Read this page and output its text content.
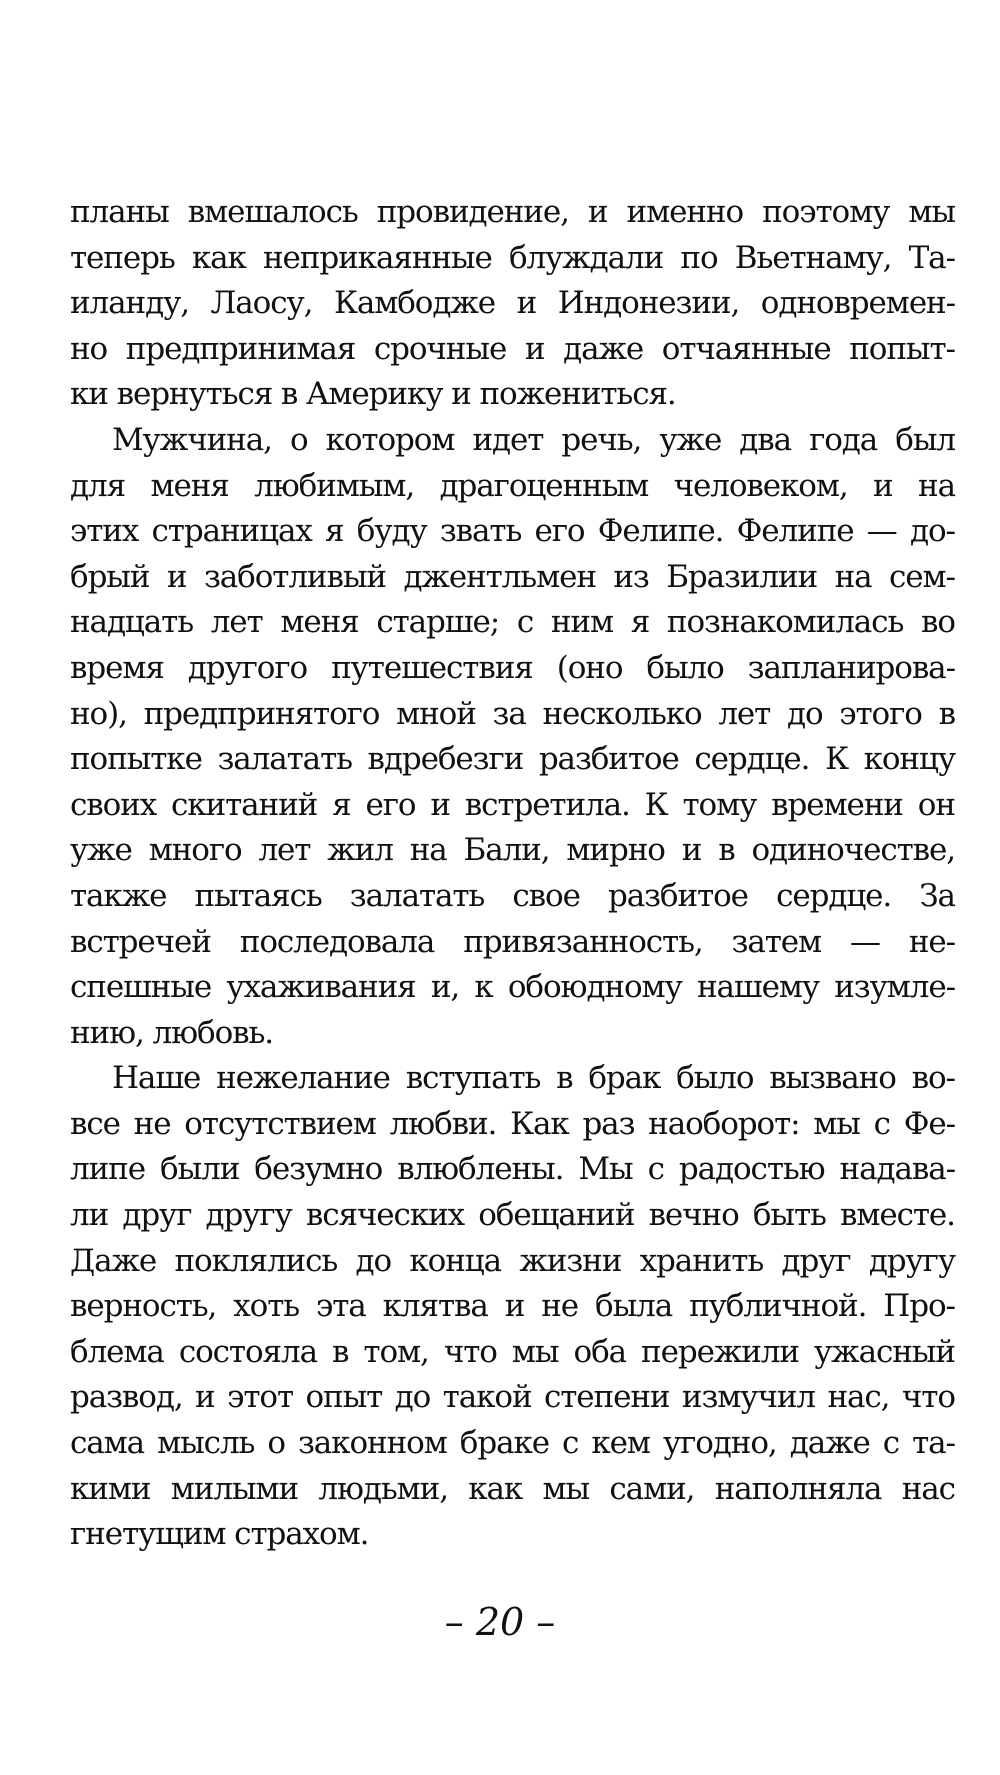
планы вмешалось провидение, и именно поэтому мы
теперь как неприкаянные блуждали по Вьетнаму, Та-
иланду, Лаосу, Камбодже и Индонезии, одновремен-
но предпринимая срочные и даже отчаянные попыт-
ки вернуться в Америку и пожениться.
Мужчина, о котором идет речь, уже два года был
для меня любимым, драгоценным человеком, и на
этих страницах я буду звать его Фелипе. Фелипе — до-
брый и заботливый джентльмен из Бразилии на сем-
надцать лет меня старше; с ним я познакомилась во
время другого путешествия (оно было запланирова-
но), предпринятого мной за несколько лет до этого в
попытке залатать вдребезги разбитое сердце. К концу
своих скитаний я его и встретила. К тому времени он
уже много лет жил на Бали, мирно и в одиночестве,
также пытаясь залатать свое разбитое сердце. За
встречей последовала привязанность, затем — не-
спешные ухаживания и, к обоюдному нашему изумле-
нию, любовь.
Наше нежелание вступать в брак было вызвано во-
все не отсутствием любви. Как раз наоборот: мы с Фе-
липе были безумно влюблены. Мы с радостью надава-
ли друг другу всяческих обещаний вечно быть вместе.
Даже поклялись до конца жизни хранить друг другу
верность, хоть эта клятва и не была публичной. Про-
блема состояла в том, что мы оба пережили ужасный
развод, и этот опыт до такой степени измучил нас, что
сама мысль о законном браке с кем угодно, даже с та-
кими милыми людьми, как мы сами, наполняла нас
гнетущим страхом.
– 20 –
